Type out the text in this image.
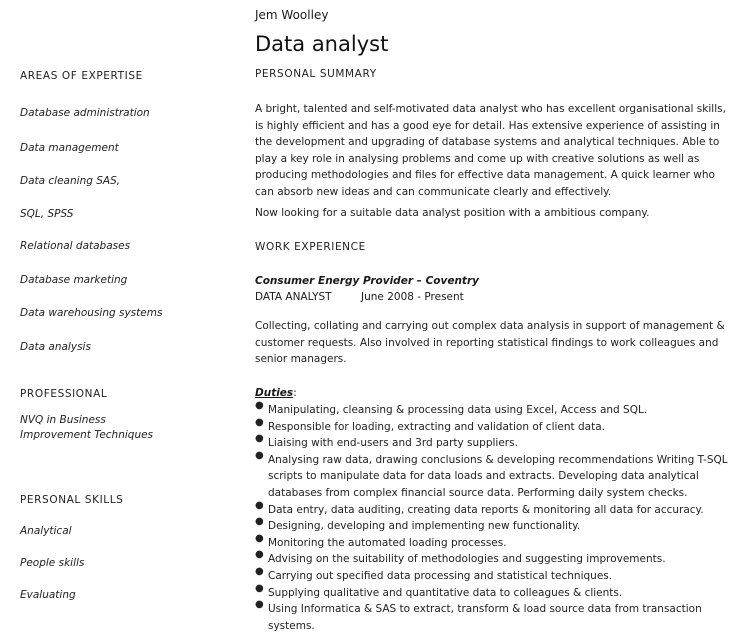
Jem Woolley
Data analyst
AREAS OF EXPERTISE
Database administration
Data management
Data cleaning SAS,
SQL, SPSS
Relational databases
Database marketing
Data warehousing systems
Data analysis
PROFESSIONAL
NVQ in Business
Improvement Techniques
PERSONAL SKILLS
Analytical
People skills
Evaluating
PERSONAL SUMMARY
A bright, talented and self-motivated data analyst who has excellent organisational skills, is highly efficient and has a good eye for detail. Has extensive experience of assisting in the development and upgrading of database systems and analytical techniques. Able to play a key role in analysing problems and come up with creative solutions as well as producing methodologies and files for effective data management. A quick learner who can absorb new ideas and can communicate clearly and effectively.
Now looking for a suitable data analyst position with a ambitious company.
WORK EXPERIENCE
Consumer Energy Provider – Coventry
DATA ANALYST	June 2008 - Present
Collecting, collating and carrying out complex data analysis in support of management & customer requests. Also involved in reporting statistical findings to work colleagues and senior managers.
Duties:
● Manipulating, cleansing & processing data using Excel, Access and SQL.
● Responsible for loading, extracting and validation of client data.
● Liaising with end-users and 3rd party suppliers.
● Analysing raw data, drawing conclusions & developing recommendations Writing T-SQL scripts to manipulate data for data loads and extracts. Developing data analytical databases from complex financial source data. Performing daily system checks.
● Data entry, data auditing, creating data reports & monitoring all data for accuracy.
● Designing, developing and implementing new functionality.
● Monitoring the automated loading processes.
● Advising on the suitability of methodologies and suggesting improvements.
● Carrying out specified data processing and statistical techniques.
● Supplying qualitative and quantitative data to colleagues & clients.
● Using Informatica & SAS to extract, transform & load source data from transaction systems.
